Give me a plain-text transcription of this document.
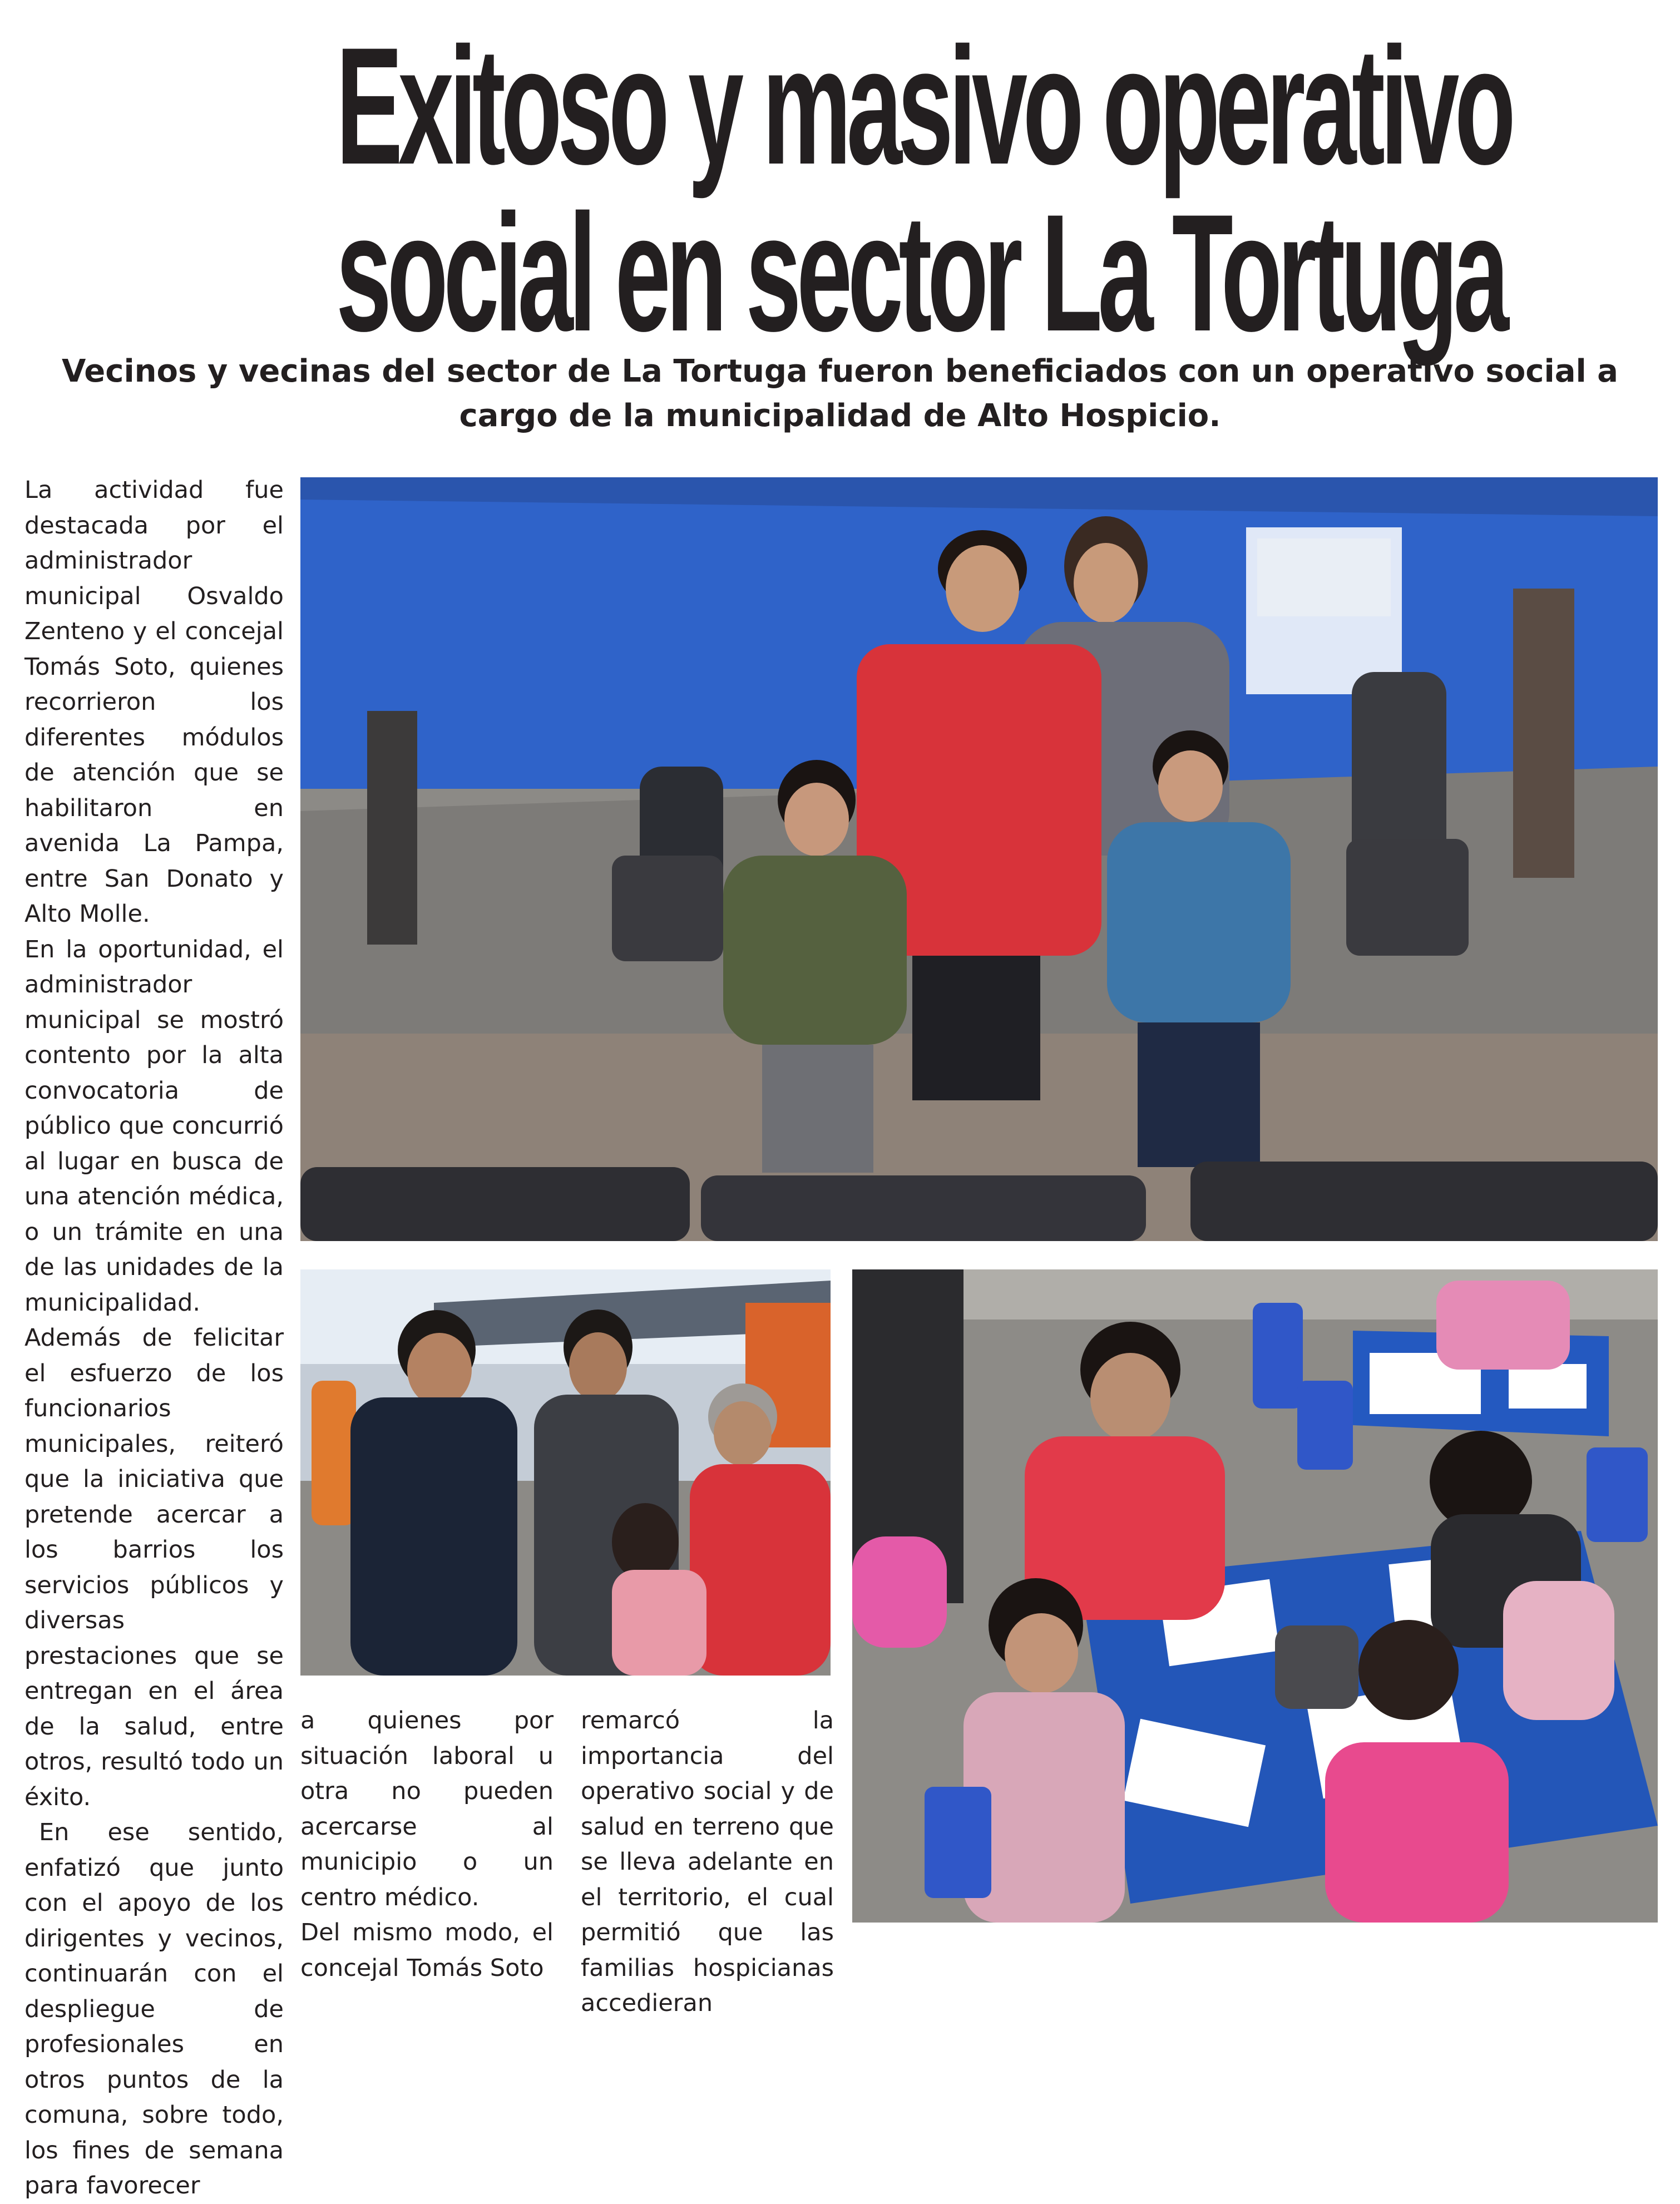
Exitoso y masivo operativo
social en sector La Tortuga

Vecinos y vecinas del sector de La Tortuga fueron beneficiados con un operativo social a cargo de la municipalidad de Alto Hospicio.

La actividad fue destacada por el administrador municipal Osvaldo Zenteno y el concejal Tomás Soto, quienes recorrieron los diferentes módulos de atención que se habilitaron en avenida La Pampa, entre San Donato y Alto Molle.

En la oportunidad, el administrador municipal se mostró contento por la alta convocatoria de público que concurrió al lugar en busca de una atención médica, o un trámite en una de las unidades de la municipalidad.

Además de felicitar el esfuerzo de los funcionarios municipales, reiteró que la iniciativa que pretende acercar a los barrios los servicios públicos y diversas prestaciones que se entregan en el área de la salud, entre otros, resultó todo un éxito.

En ese sentido, enfatizó que junto con el apoyo de los dirigentes y vecinos, continuarán con el despliegue de profesionales en otros puntos de la comuna, sobre todo, los fines de semana para favorecer

a quienes por situación laboral u otra no pueden acercarse al municipio o un centro médico.

Del mismo modo, el concejal Tomás Soto

remarcó la importancia del operativo social y de salud en terreno que se lleva adelante en el territorio, el cual permitió que las familias hospicianas accedieran
